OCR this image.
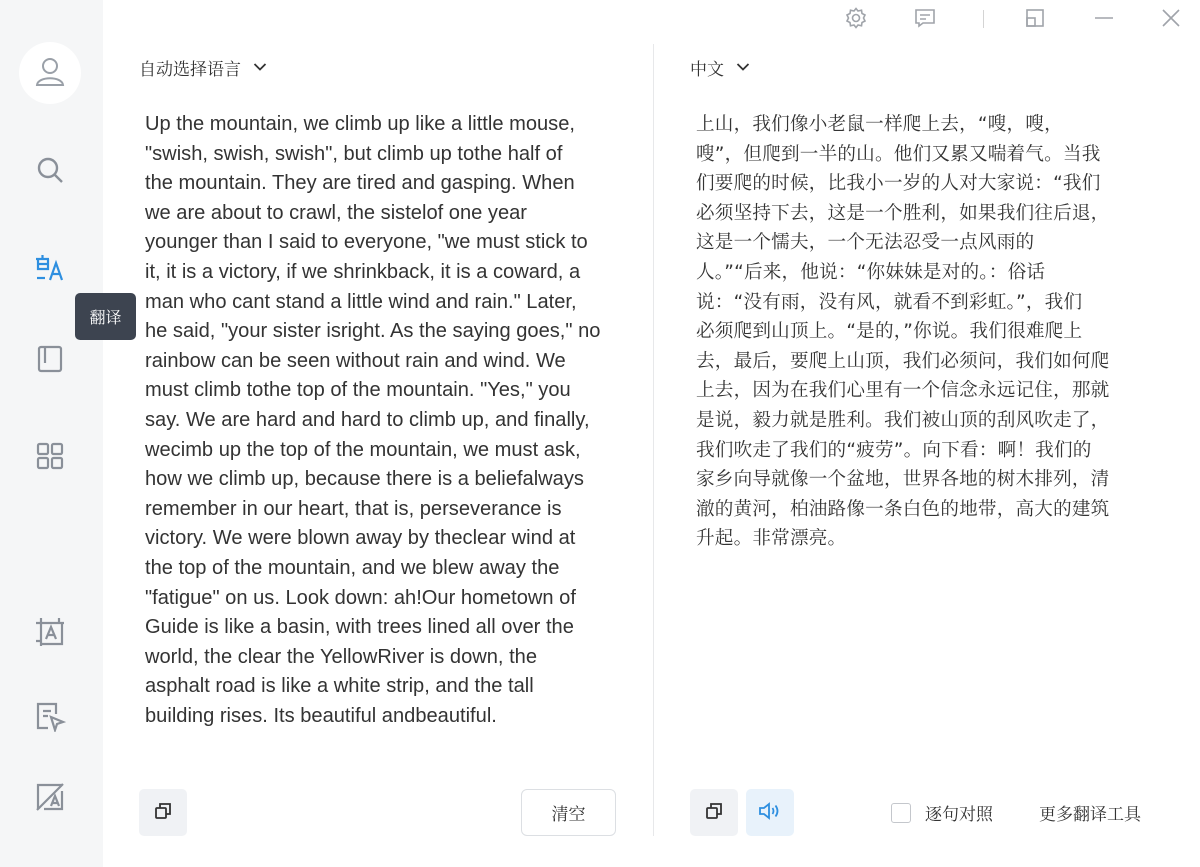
翻译
自动选择语言
Up the mountain, we climb up like a little mouse,
"swish, swish, swish", but climb up tothe half of
the mountain. They are tired and gasping. When
we are about to crawl, the sistelof one year
younger than I said to everyone, "we must stick to
it, it is a victory, if we shrinkback, it is a coward, a
man who cant stand a little wind and rain." Later,
he said, "your sister isright. As the saying goes," no
rainbow can be seen without rain and wind. We
must climb tothe top of the mountain. "Yes," you
say. We are hard and hard to climb up, and finally,
wecimb up the top of the mountain, we must ask,
how we climb up, because there is a beliefalways
remember in our heart, that is, perseverance is
victory. We were blown away by theclear wind at
the top of the mountain, and we blew away the
"fatigue" on us. Look down: ah!Our hometown of
Guide is like a basin, with trees lined all over the
world, the clear the YellowRiver is down, the
asphalt road is like a white strip, and the tall
building rises. Its beautiful andbeautiful.
清空
中文
上山，我们像小老鼠一样爬上去，“嗖，嗖，
嗖”，但爬到一半的山。他们又累又喘着气。当我
们要爬的时候，比我小一岁的人对大家说：“我们
必须坚持下去，这是一个胜利，如果我们往后退，
这是一个懦夫，一个无法忍受一点风雨的
人。”“后来，他说：“你妹妹是对的。：俗话
说：“没有雨，没有风，就看不到彩虹。”，我们
必须爬到山顶上。“是的，”你说。我们很难爬上
去，最后，要爬上山顶，我们必须问，我们如何爬
上去，因为在我们心里有一个信念永远记住，那就
是说，毅力就是胜利。我们被山顶的刮风吹走了，
我们吹走了我们的“疲劳”。向下看：啊！我们的
家乡向导就像一个盆地，世界各地的树木排列，清
澈的黄河，柏油路像一条白色的地带，高大的建筑
升起。非常漂亮。
逐句对照	更多翻译工具
